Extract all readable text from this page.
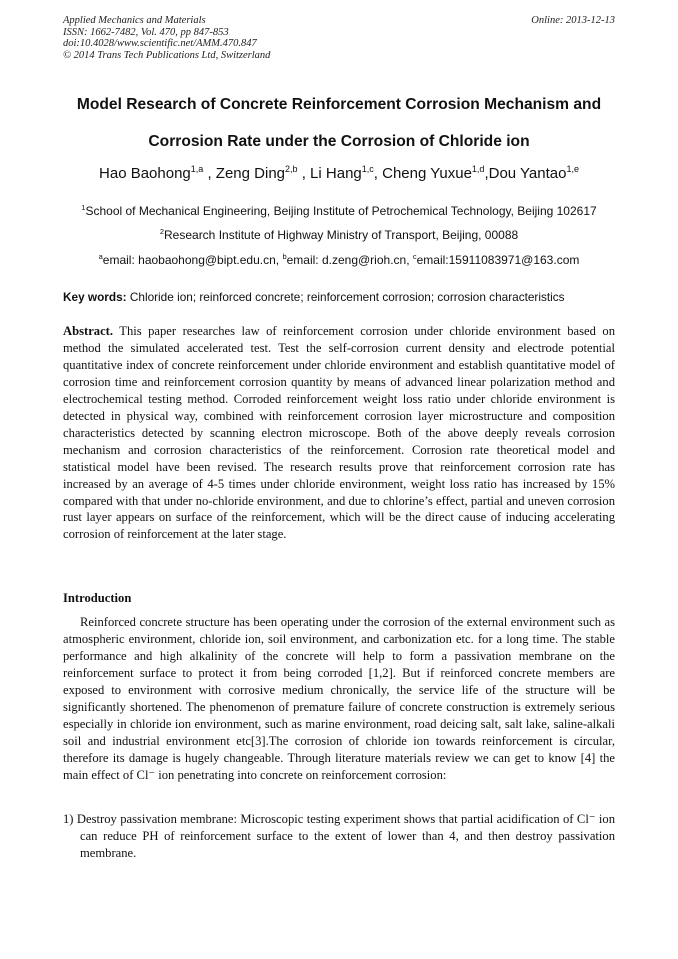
Applied Mechanics and Materials
ISSN: 1662-7482, Vol. 470, pp 847-853
doi:10.4028/www.scientific.net/AMM.470.847
© 2014 Trans Tech Publications Ltd, Switzerland
Online: 2013-12-13
Model Research of Concrete Reinforcement Corrosion Mechanism and
Corrosion Rate under the Corrosion of Chloride ion
Hao Baohong$^{1,a}$ , Zeng Ding$^{2,b}$ , Li Hang$^{1,c}$, Cheng Yuxue$^{1,d}$,Dou Yantao$^{1,e}$
$^1$School of Mechanical Engineering, Beijing Institute of Petrochemical Technology, Beijing 102617
$^2$Research Institute of Highway Ministry of Transport, Beijing, 00088
$^a$email: haobaohong@bipt.edu.cn, $^b$email: d.zeng@rioh.cn, $^c$email:15911083971@163.com
Key words: Chloride ion; reinforced concrete; reinforcement corrosion; corrosion characteristics
Abstract. This paper researches law of reinforcement corrosion under chloride environment based on method the simulated accelerated test. Test the self-corrosion current density and electrode potential quantitative index of concrete reinforcement under chloride environment and establish quantitative model of corrosion time and reinforcement corrosion quantity by means of advanced linear polarization method and electrochemical testing method. Corroded reinforcement weight loss ratio under chloride environment is detected in physical way, combined with reinforcement corrosion layer microstructure and composition characteristics detected by scanning electron microscope. Both of the above deeply reveals corrosion mechanism and corrosion characteristics of the reinforcement. Corrosion rate theoretical model and statistical model have been revised. The research results prove that reinforcement corrosion rate has increased by an average of 4-5 times under chloride environment, weight loss ratio has increased by 15% compared with that under no-chloride environment, and due to chlorine’s effect, partial and uneven corrosion rust layer appears on surface of the reinforcement, which will be the direct cause of inducing accelerating corrosion of reinforcement at the later stage.
Introduction
Reinforced concrete structure has been operating under the corrosion of the external environment such as atmospheric environment, chloride ion, soil environment, and carbonization etc. for a long time. The stable performance and high alkalinity of the concrete will help to form a passivation membrane on the reinforcement surface to protect it from being corroded [1,2]. But if reinforced concrete members are exposed to environment with corrosive medium chronically, the service life of the structure will be significantly shortened. The phenomenon of premature failure of concrete construction is extremely serious especially in chloride ion environment, such as marine environment, road deicing salt, salt lake, saline-alkali soil and industrial environment etc[3].The corrosion of chloride ion towards reinforcement is circular, therefore its damage is hugely changeable. Through literature materials review we can get to know [4] the main effect of Cl⁻ ion penetrating into concrete on reinforcement corrosion:
1) Destroy passivation membrane: Microscopic testing experiment shows that partial acidification of Cl⁻ ion can reduce PH of reinforcement surface to the extent of lower than 4, and then destroy passivation membrane.
